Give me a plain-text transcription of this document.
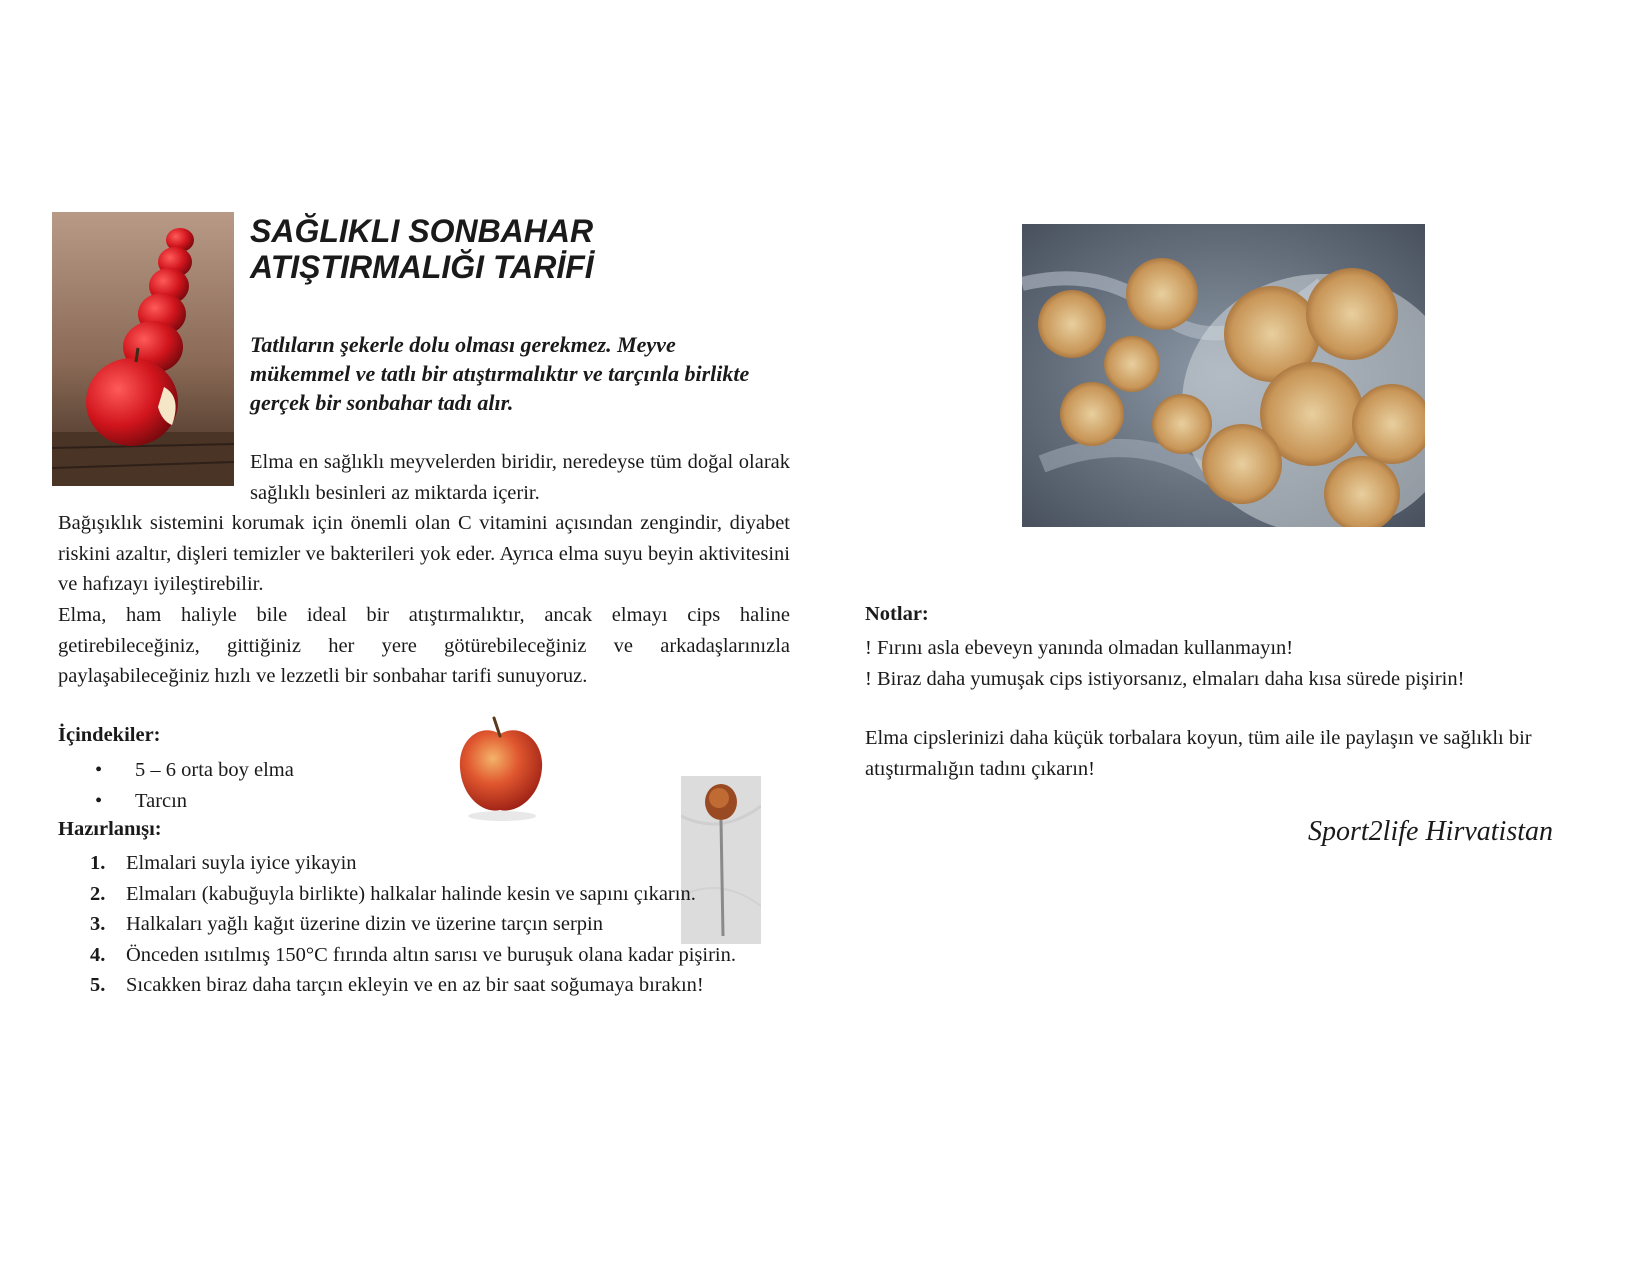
SAĞLIKLI SONBAHAR
ATIŞTIRMALIĞI TARİFİ
Tatlıların şekerle dolu olması gerekmez. Meyve mükemmel ve tatlı bir atıştırmalıktır ve tarçınla birlikte gerçek bir sonbahar tadı alır.
Elma en sağlıklı meyvelerden biridir, neredeyse tüm doğal olarak sağlıklı besinleri az miktarda içerir.
Bağışıklık sistemini korumak için önemli olan C vitamini açısından zengindir, diyabet riskini azaltır, dişleri temizler ve bakterileri yok eder. Ayrıca elma suyu beyin aktivitesini ve hafızayı iyileştirebilir.
Elma, ham haliyle bile ideal bir atıştırmalıktır, ancak elmayı cips haline getirebileceğiniz, gittiğiniz her yere götürebileceğiniz ve arkadaşlarınızla paylaşabileceğiniz hızlı ve lezzetli bir sonbahar tarifi sunuyoruz.
İçindekiler:
• 5 – 6 orta boy elma
• Tarcın
Hazırlanışı:
1. Elmalari suyla iyice yikayin
2. Elmaları (kabuğuyla birlikte) halkalar halinde kesin ve sapını çıkarın.
3. Halkaları yağlı kağıt üzerine dizin ve üzerine tarçın serpin
4. Önceden ısıtılmış 150°C fırında altın sarısı ve buruşuk olana kadar pişirin.
5. Sıcakken biraz daha tarçın ekleyin ve en az bir saat soğumaya bırakın!
Notlar:
! Fırını asla ebeveyn yanında olmadan kullanmayın!
! Biraz daha yumuşak cips istiyorsanız, elmaları daha kısa sürede pişirin!
Elma cipslerinizi daha küçük torbalara koyun, tüm aile ile paylaşın ve sağlıklı bir atıştırmalığın tadını çıkarın!
Sport2life Hirvatistan
